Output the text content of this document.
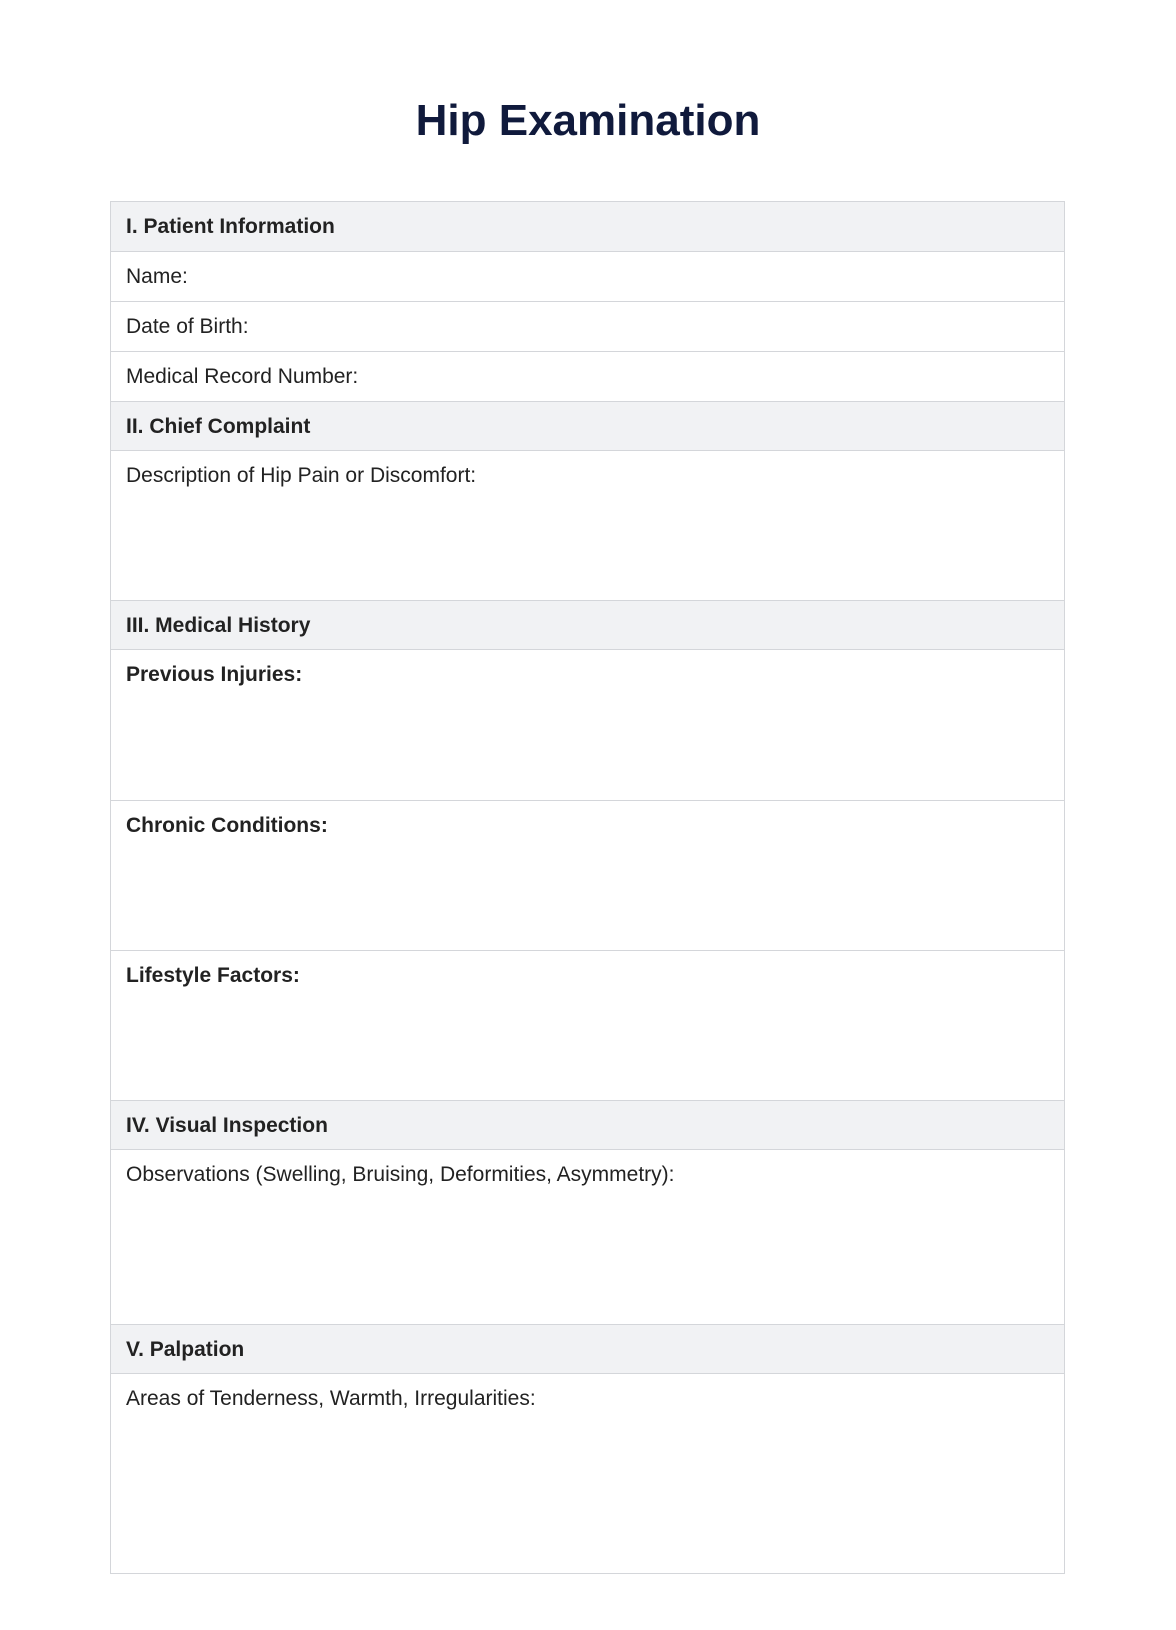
Hip Examination
I. Patient Information
Name:
Date of Birth:
Medical Record Number:
II. Chief Complaint
Description of Hip Pain or Discomfort:
III. Medical History
Previous Injuries:
Chronic Conditions:
Lifestyle Factors:
IV. Visual Inspection
Observations (Swelling, Bruising, Deformities, Asymmetry):
V. Palpation
Areas of Tenderness, Warmth, Irregularities:
